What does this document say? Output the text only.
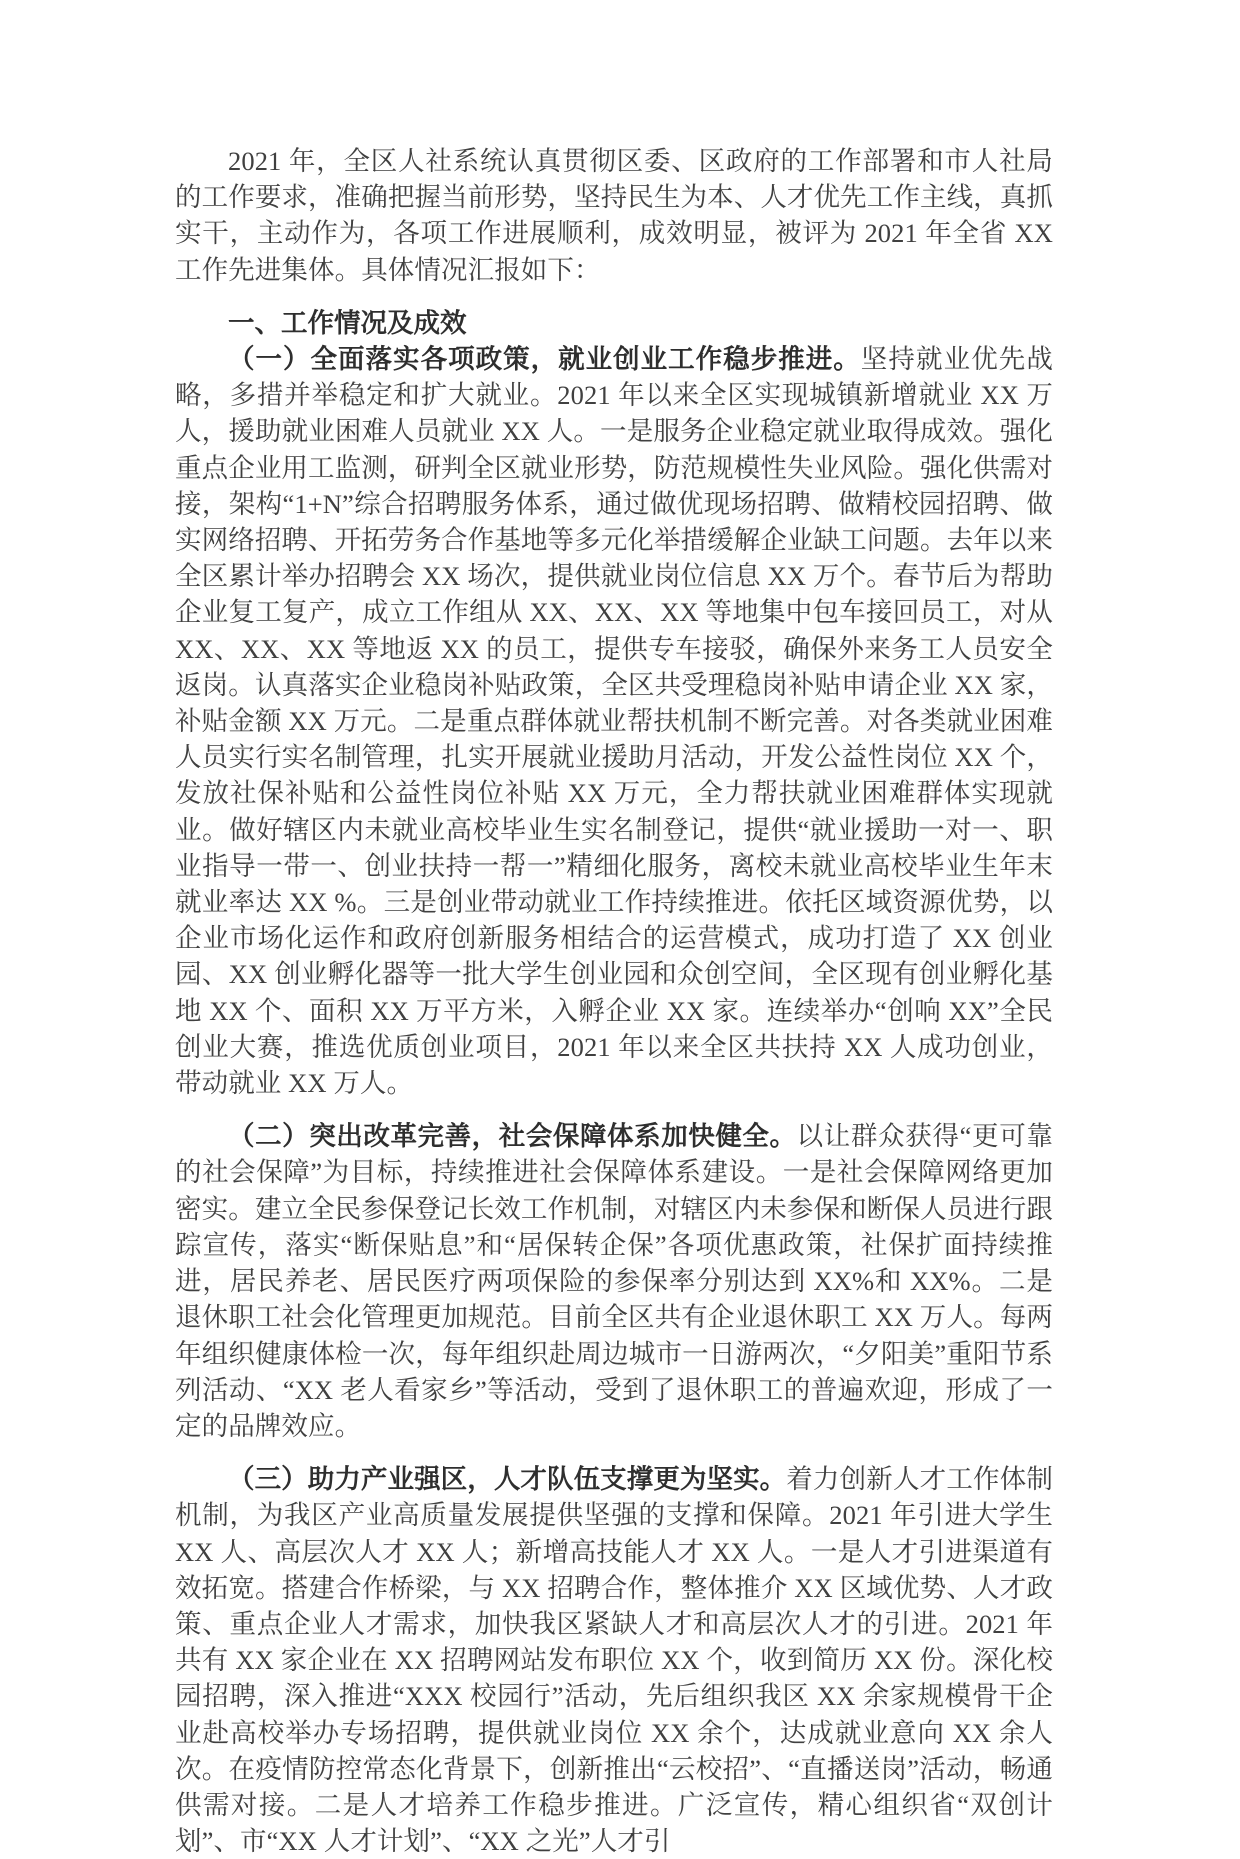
2021 年，全区人社系统认真贯彻区委、区政府的工作部署和市人社局的工作要求，准确把握当前形势，坚持民生为本、人才优先工作主线，真抓实干，主动作为，各项工作进展顺利，成效明显，被评为 2021 年全省 XX 工作先进集体。具体情况汇报如下：

一、工作情况及成效

（一）全面落实各项政策，就业创业工作稳步推进。坚持就业优先战略，多措并举稳定和扩大就业。2021 年以来全区实现城镇新增就业 XX 万人，援助就业困难人员就业 XX 人。一是服务企业稳定就业取得成效。强化重点企业用工监测，研判全区就业形势，防范规模性失业风险。强化供需对接，架构“1+N”综合招聘服务体系，通过做优现场招聘、做精校园招聘、做实网络招聘、开拓劳务合作基地等多元化举措缓解企业缺工问题。去年以来全区累计举办招聘会 XX 场次，提供就业岗位信息 XX 万个。春节后为帮助企业复工复产，成立工作组从 XX、XX、XX 等地集中包车接回员工，对从 XX、XX、XX 等地返 XX 的员工，提供专车接驳，确保外来务工人员安全返岗。认真落实企业稳岗补贴政策，全区共受理稳岗补贴申请企业 XX 家，补贴金额 XX 万元。二是重点群体就业帮扶机制不断完善。对各类就业困难人员实行实名制管理，扎实开展就业援助月活动，开发公益性岗位 XX 个，发放社保补贴和公益性岗位补贴 XX 万元，全力帮扶就业困难群体实现就业。做好辖区内未就业高校毕业生实名制登记，提供“就业援助一对一、职业指导一带一、创业扶持一帮一”精细化服务，离校未就业高校毕业生年末就业率达 XX %。三是创业带动就业工作持续推进。依托区域资源优势，以企业市场化运作和政府创新服务相结合的运营模式，成功打造了 XX 创业园、XX 创业孵化器等一批大学生创业园和众创空间，全区现有创业孵化基地 XX 个、面积 XX 万平方米，入孵企业 XX 家。连续举办“创响 XX”全民创业大赛，推选优质创业项目，2021 年以来全区共扶持 XX 人成功创业，带动就业 XX 万人。

（二）突出改革完善，社会保障体系加快健全。以让群众获得“更可靠的社会保障”为目标，持续推进社会保障体系建设。一是社会保障网络更加密实。建立全民参保登记长效工作机制，对辖区内未参保和断保人员进行跟踪宣传，落实“断保贴息”和“居保转企保”各项优惠政策，社保扩面持续推进，居民养老、居民医疗两项保险的参保率分别达到 XX%和 XX%。二是退休职工社会化管理更加规范。目前全区共有企业退休职工 XX 万人。每两年组织健康体检一次，每年组织赴周边城市一日游两次，“夕阳美”重阳节系列活动、“XX 老人看家乡”等活动，受到了退休职工的普遍欢迎，形成了一定的品牌效应。

（三）助力产业强区，人才队伍支撑更为坚实。着力创新人才工作体制机制，为我区产业高质量发展提供坚强的支撑和保障。2021 年引进大学生 XX 人、高层次人才 XX 人；新增高技能人才 XX 人。一是人才引进渠道有效拓宽。搭建合作桥梁，与 XX 招聘合作，整体推介 XX 区域优势、人才政策、重点企业人才需求，加快我区紧缺人才和高层次人才的引进。2021 年共有 XX 家企业在 XX 招聘网站发布职位 XX 个，收到简历 XX 份。深化校园招聘，深入推进“XXX 校园行”活动，先后组织我区 XX 余家规模骨干企业赴高校举办专场招聘，提供就业岗位 XX 余个，达成就业意向 XX 余人次。在疫情防控常态化背景下，创新推出“云校招”、“直播送岗”活动，畅通供需对接。二是人才培养工作稳步推进。广泛宣传，精心组织省“双创计划”、市“XX 人才计划”、“XX 之光”人才引
